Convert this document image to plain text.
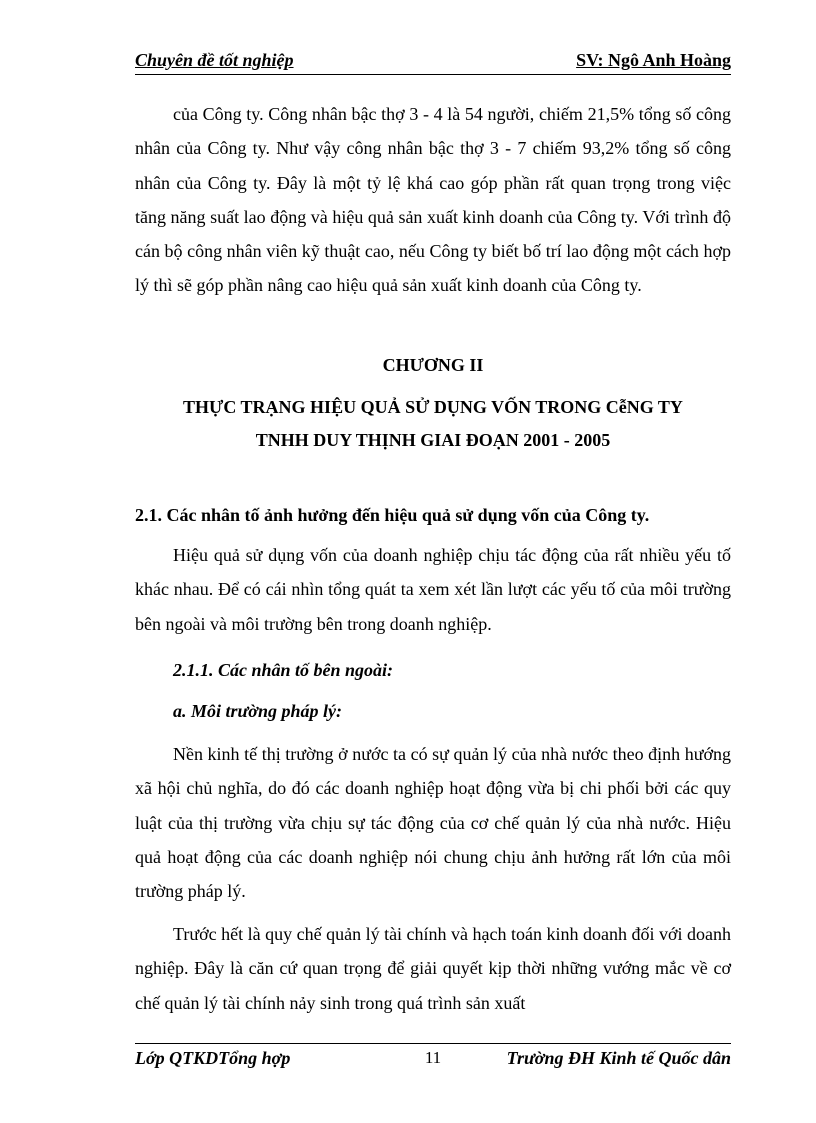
Chuyên đề tốt nghiệp	SV: Ngô Anh Hoàng

của Công ty. Công nhân bậc thợ 3 - 4 là 54 người, chiếm 21,5% tổng số công nhân của Công ty. Như vậy công nhân bậc thợ 3 - 7 chiếm 93,2% tổng số công nhân của Công ty. Đây là một tỷ lệ khá cao góp phần rất quan trọng trong việc tăng năng suất lao động và hiệu quả sản xuất kinh doanh của Công ty. Với trình độ cán bộ công nhân viên kỹ thuật cao, nếu Công ty biết bố trí lao động một cách hợp lý thì sẽ góp phần nâng cao hiệu quả sản xuất kinh doanh của Công ty.

CHƯƠNG II
THỰC TRẠNG HIỆU QUẢ SỬ DỤNG VỐN TRONG CễNG TY
TNHH DUY THỊNH GIAI ĐOẠN 2001 - 2005
2.1. Các nhân tố ảnh hưởng đến hiệu quả sử dụng vốn của Công ty.

Hiệu quả sử dụng vốn của doanh nghiệp chịu tác động của rất nhiều yếu tố khác nhau. Để có cái nhìn tổng quát ta xem xét lần lượt các yếu tố của môi trường bên ngoài và môi trường bên trong doanh nghiệp.

2.1.1. Các nhân tố bên ngoài:
a. Môi trường pháp lý:

Nền kinh tế thị trường ở nước ta có sự quản lý của nhà nước theo định hướng xã hội chủ nghĩa, do đó các doanh nghiệp hoạt động vừa bị chi phối bởi các quy luật của thị trường vừa chịu sự tác động của cơ chế quản lý của nhà nước. Hiệu quả hoạt động của các doanh nghiệp nói chung chịu ảnh hưởng rất lớn của môi trường pháp lý.

Trước hết là quy chế quản lý tài chính và hạch toán kinh doanh đối với doanh nghiệp. Đây là căn cứ quan trọng để giải quyết kịp thời những vướng mắc về cơ chế quản lý tài chính nảy sinh trong quá trình sản xuất

Lớp QTKDTổng hợp	11	Trường ĐH Kinh tế Quốc dân
